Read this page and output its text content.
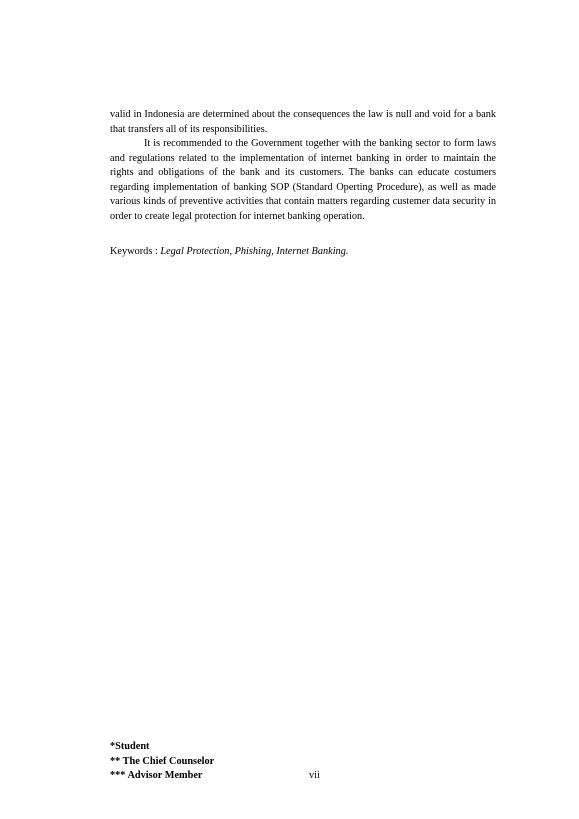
valid in Indonesia are determined about the consequences the law is null and void for a bank that transfers all of its responsibilities.

It is recommended to the Government together with the banking sector to form laws and regulations related to the implementation of internet banking in order to maintain the rights and obligations of the bank and its customers. The banks can educate costumers regarding implementation of banking SOP (Standard Operting Procedure), as well as made various kinds of preventive activities that contain matters regarding custemer data security in order to create legal protection for internet banking operation.

Keywords : Legal Protection, Phishing, Internet Banking.
*Student
** The Chief Counselor
*** Advisor Member	vii
